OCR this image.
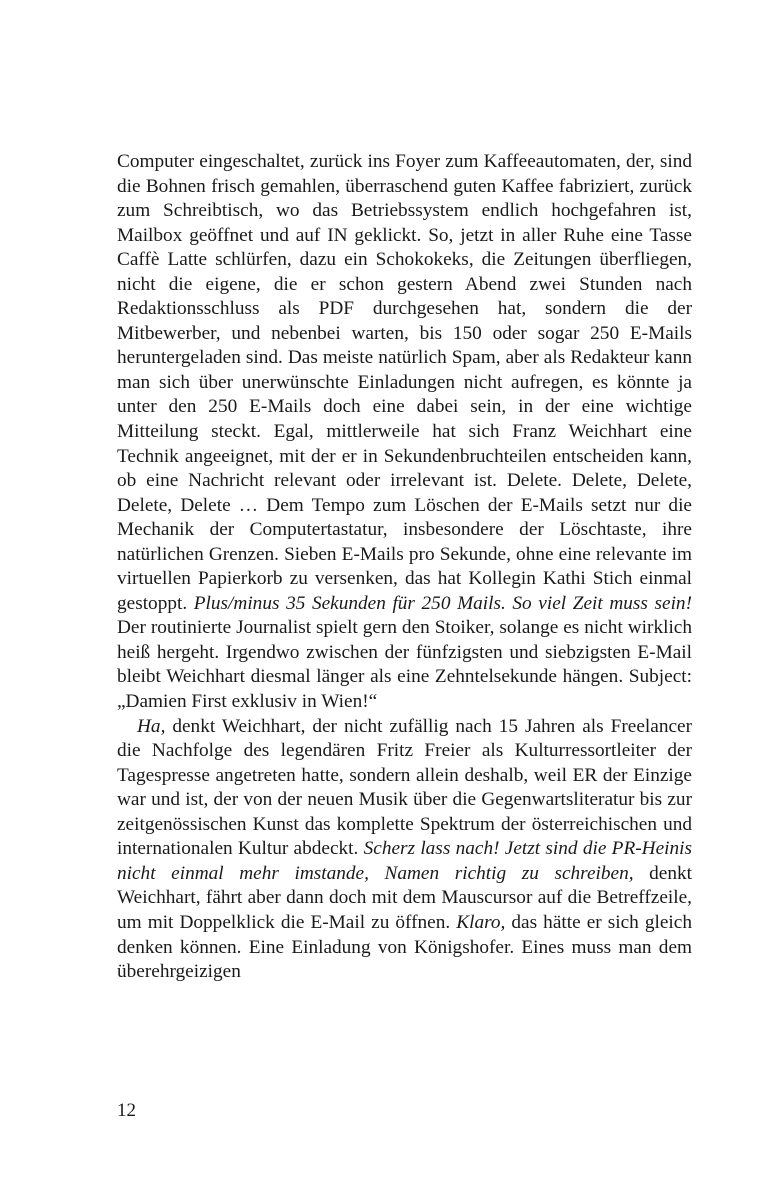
Computer eingeschaltet, zurück ins Foyer zum Kaffeeautomaten, der, sind die Bohnen frisch gemahlen, überraschend guten Kaffee fabriziert, zurück zum Schreibtisch, wo das Betriebssystem endlich hochgefahren ist, Mailbox geöffnet und auf IN geklickt. So, jetzt in aller Ruhe eine Tasse Caffè Latte schlürfen, dazu ein Schokokeks, die Zeitungen überfliegen, nicht die eigene, die er schon gestern Abend zwei Stunden nach Redaktionsschluss als PDF durchgesehen hat, sondern die der Mitbewerber, und nebenbei warten, bis 150 oder sogar 250 E-Mails heruntergeladen sind. Das meiste natürlich Spam, aber als Redakteur kann man sich über unerwünschte Einladungen nicht aufregen, es könnte ja unter den 250 E-Mails doch eine dabei sein, in der eine wichtige Mitteilung steckt. Egal, mittlerweile hat sich Franz Weichhart eine Technik angeeignet, mit der er in Sekundenbruchteilen entscheiden kann, ob eine Nachricht relevant oder irrelevant ist. Delete. Delete, Delete, Delete, Delete … Dem Tempo zum Löschen der E-Mails setzt nur die Mechanik der Computertastatur, insbesondere der Löschtaste, ihre natürlichen Grenzen. Sieben E-Mails pro Sekunde, ohne eine relevante im virtuellen Papierkorb zu versenken, das hat Kollegin Kathi Stich einmal gestoppt. Plus/minus 35 Sekunden für 250 Mails. So viel Zeit muss sein! Der routinierte Journalist spielt gern den Stoiker, solange es nicht wirklich heiß hergeht. Irgendwo zwischen der fünfzigsten und siebzigsten E-Mail bleibt Weichhart diesmal länger als eine Zehntelsekunde hängen. Subject: „Damien First exklusiv in Wien!“

Ha, denkt Weichhart, der nicht zufällig nach 15 Jahren als Freelancer die Nachfolge des legendären Fritz Freier als Kulturressortleiter der Tagespresse angetreten hatte, sondern allein deshalb, weil ER der Einzige war und ist, der von der neuen Musik über die Gegenwartsliteratur bis zur zeitgenössischen Kunst das komplette Spektrum der österreichischen und internationalen Kultur abdeckt. Scherz lass nach! Jetzt sind die PR-Heinis nicht einmal mehr imstande, Namen richtig zu schreiben, denkt Weichhart, fährt aber dann doch mit dem Mauscursor auf die Betreffzeile, um mit Doppelklick die E-Mail zu öffnen. Klaro, das hätte er sich gleich denken können. Eine Einladung von Königshofer. Eines muss man dem überehrgeizigen

12
